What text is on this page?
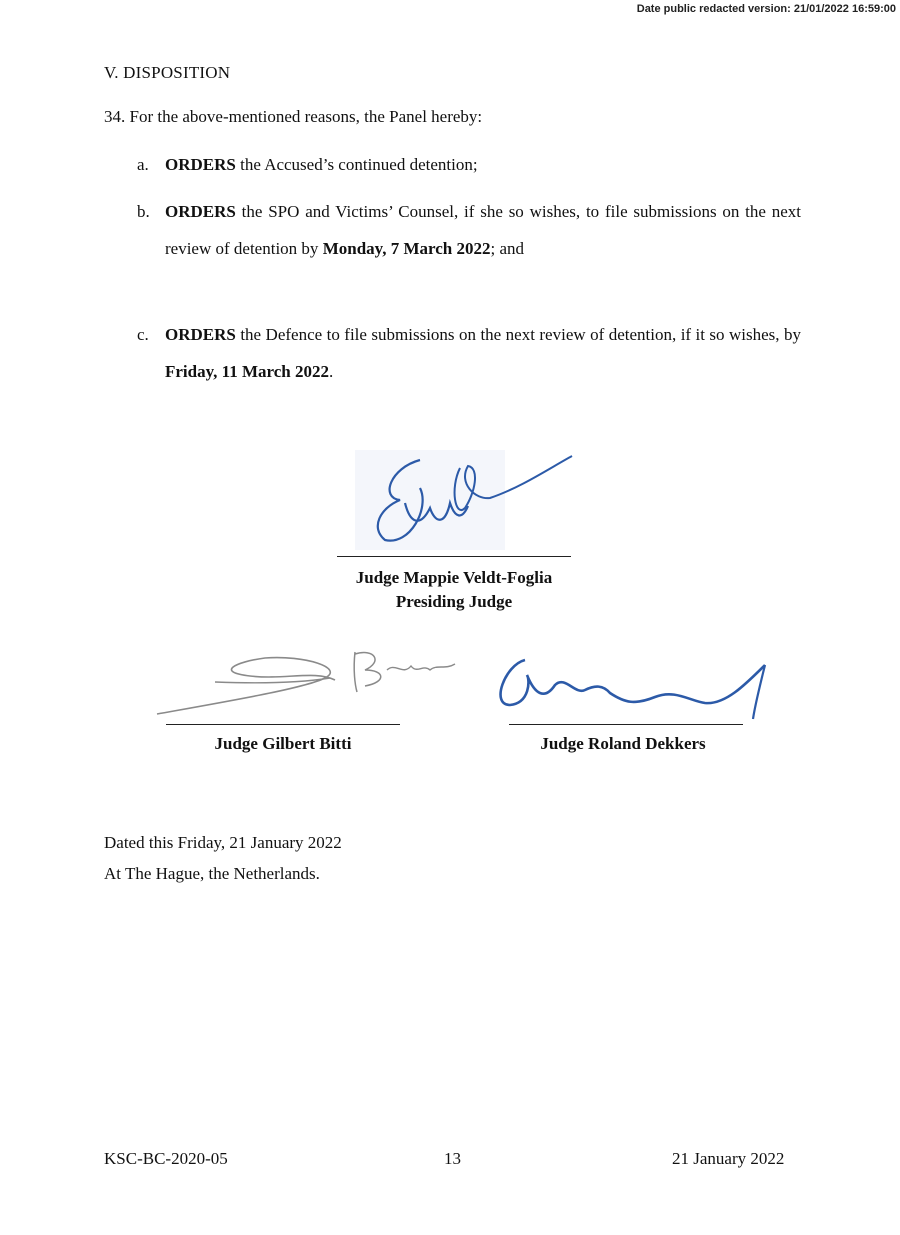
Date public redacted version: 21/01/2022 16:59:00
V. DISPOSITION
34. For the above-mentioned reasons, the Panel hereby:
a. ORDERS the Accused’s continued detention;
b. ORDERS the SPO and Victims’ Counsel, if she so wishes, to file submissions on the next review of detention by Monday, 7 March 2022; and
c. ORDERS the Defence to file submissions on the next review of detention, if it so wishes, by Friday, 11 March 2022.
Judge Mappie Veldt-Foglia
Presiding Judge
Judge Gilbert Bitti	Judge Roland Dekkers
Dated this Friday, 21 January 2022
At The Hague, the Netherlands.
KSC-BC-2020-05	13	21 January 2022
